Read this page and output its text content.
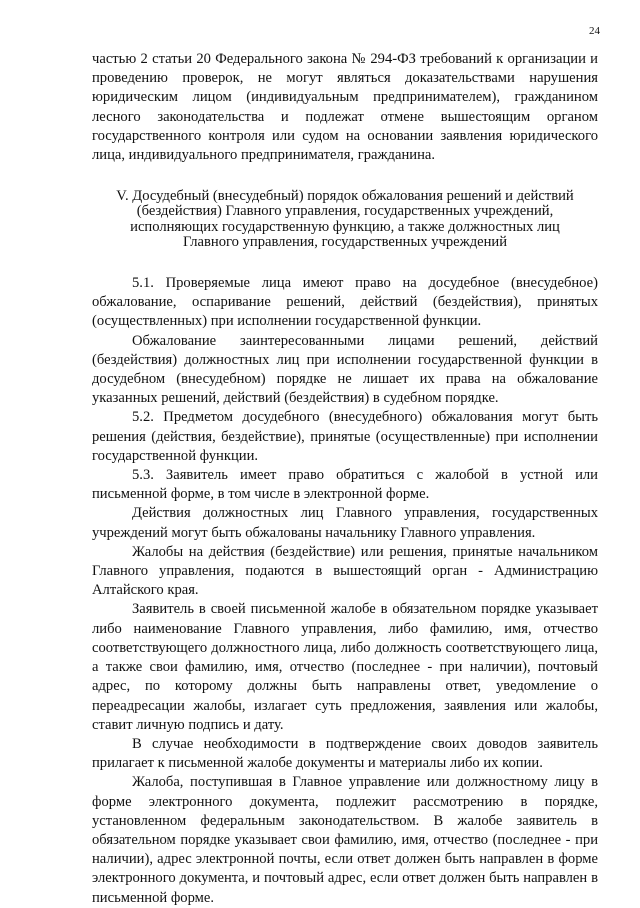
24

частью 2 статьи 20 Федерального закона № 294-ФЗ требований к организации и проведению проверок, не могут являться доказательствами нарушения юридическим лицом (индивидуальным предпринимателем), гражданином лесного законодательства и подлежат отмене вышестоящим органом государственного контроля или судом на основании заявления юридического лица, индивидуального предпринимателя, гражданина.

V. Досудебный (внесудебный) порядок обжалования решений и действий
(бездействия) Главного управления, государственных учреждений,
исполняющих государственную функцию, а также должностных лиц
Главного управления, государственных учреждений

5.1. Проверяемые лица имеют право на досудебное (внесудебное) обжалование, оспаривание решений, действий (бездействия), принятых (осуществленных) при исполнении государственной функции.

Обжалование заинтересованными лицами решений, действий (бездействия) должностных лиц при исполнении государственной функции в досудебном (внесудебном) порядке не лишает их права на обжалование указанных решений, действий (бездействия) в судебном порядке.

5.2. Предметом досудебного (внесудебного) обжалования могут быть решения (действия, бездействие), принятые (осуществленные) при исполнении государственной функции.

5.3. Заявитель имеет право обратиться с жалобой в устной или письменной форме, в том числе в электронной форме.

Действия должностных лиц Главного управления, государственных учреждений могут быть обжалованы начальнику Главного управления.

Жалобы на действия (бездействие) или решения, принятые начальником Главного управления, подаются в вышестоящий орган - Администрацию Алтайского края.

Заявитель в своей письменной жалобе в обязательном порядке указывает либо наименование Главного управления, либо фамилию, имя, отчество соответствующего должностного лица, либо должность соответствующего лица, а также свои фамилию, имя, отчество (последнее - при наличии), почтовый адрес, по которому должны быть направлены ответ, уведомление о переадресации жалобы, излагает суть предложения, заявления или жалобы, ставит личную подпись и дату.

В случае необходимости в подтверждение своих доводов заявитель прилагает к письменной жалобе документы и материалы либо их копии.

Жалоба, поступившая в Главное управление или должностному лицу в форме электронного документа, подлежит рассмотрению в порядке, установленном федеральным законодательством. В жалобе заявитель в обязательном порядке указывает свои фамилию, имя, отчество (последнее - при наличии), адрес электронной почты, если ответ должен быть направлен в форме электронного документа, и почтовый адрес, если ответ должен быть направлен в письменной форме.
